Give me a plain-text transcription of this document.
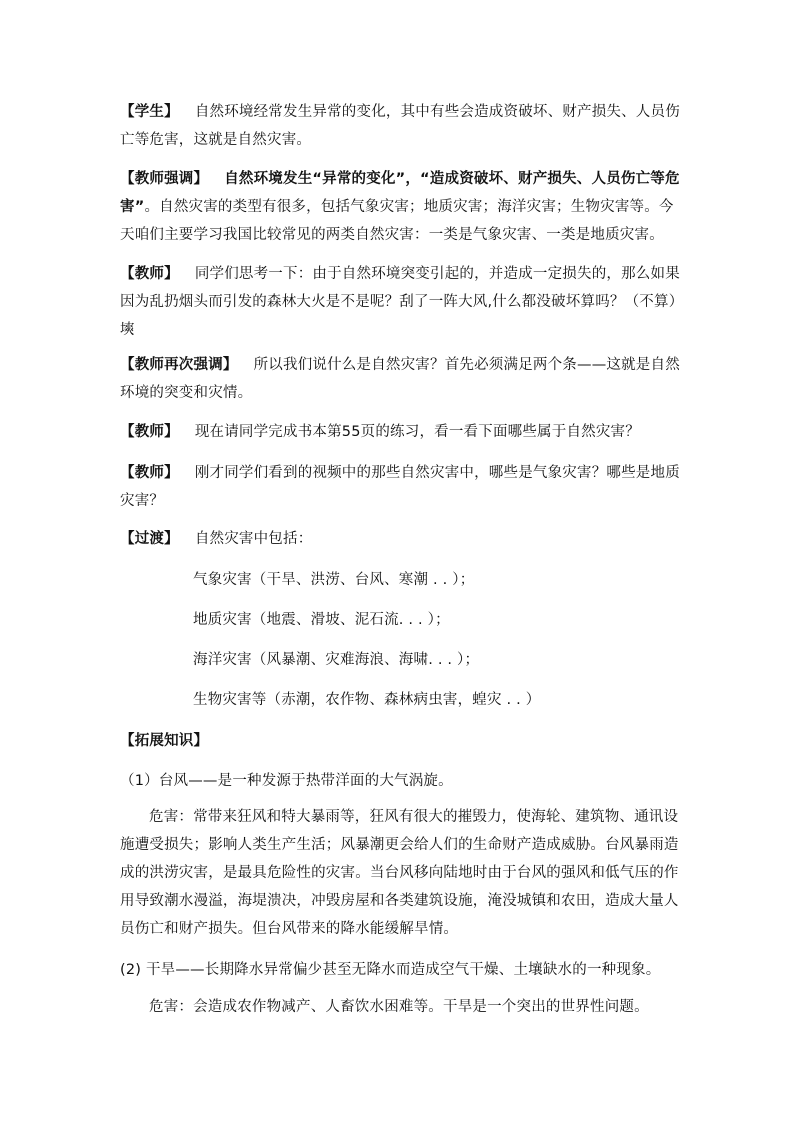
【学生】 自然环境经常发生异常的变化，其中有些会造成资破坏、财产损失、人员伤亡等危害，这就是自然灾害。

【教师强调】 自然环境发生“异常的变化”，“造成资破坏、财产损失、人员伤亡等危害”。自然灾害的类型有很多，包括气象灾害；地质灾害；海洋灾害；生物灾害等。今天咱们主要学习我国比较常见的两类自然灾害：一类是气象灾害、一类是地质灾害。

【教师】 同学们思考一下：由于自然环境突变引起的，并造成一定损失的，那么如果因为乱扔烟头而引发的森林大火是不是呢？刮了一阵大风,什么都没破坏算吗？（不算）塽

【教师再次强调】 所以我们说什么是自然灾害？首先必须满足两个条——这就是自然环境的突变和灾情。

【教师】 现在请同学完成书本第55页的练习，看一看下面哪些属于自然灾害？

【教师】 刚才同学们看到的视频中的那些自然灾害中，哪些是气象灾害？哪些是地质灾害？

【过渡】 自然灾害中包括：

气象灾害（干旱、洪涝、台风、寒潮 . . ）；

地质灾害（地震、滑坡、泥石流. . . ）；

海洋灾害（风暴潮、灾难海浪、海啸. . . ）；

生物灾害等（赤潮，农作物、森林病虫害，蝗灾 . . ）

【拓展知识】

（1）台风——是一种发源于热带洋面的大气涡旋。

危害：常带来狂风和特大暴雨等，狂风有很大的摧毁力，使海轮、建筑物、通讯设施遭受损失；影响人类生产生活；风暴潮更会给人们的生命财产造成威胁。台风暴雨造成的洪涝灾害，是最具危险性的灾害。当台风移向陆地时由于台风的强风和低气压的作用导致潮水漫溢，海堤溃决，冲毁房屋和各类建筑设施，淹没城镇和农田，造成大量人员伤亡和财产损失。但台风带来的降水能缓解旱情。

(2) 干旱——长期降水异常偏少甚至无降水而造成空气干燥、土壤缺水的一种现象。

危害：会造成农作物减产、人畜饮水困难等。干旱是一个突出的世界性问题。
